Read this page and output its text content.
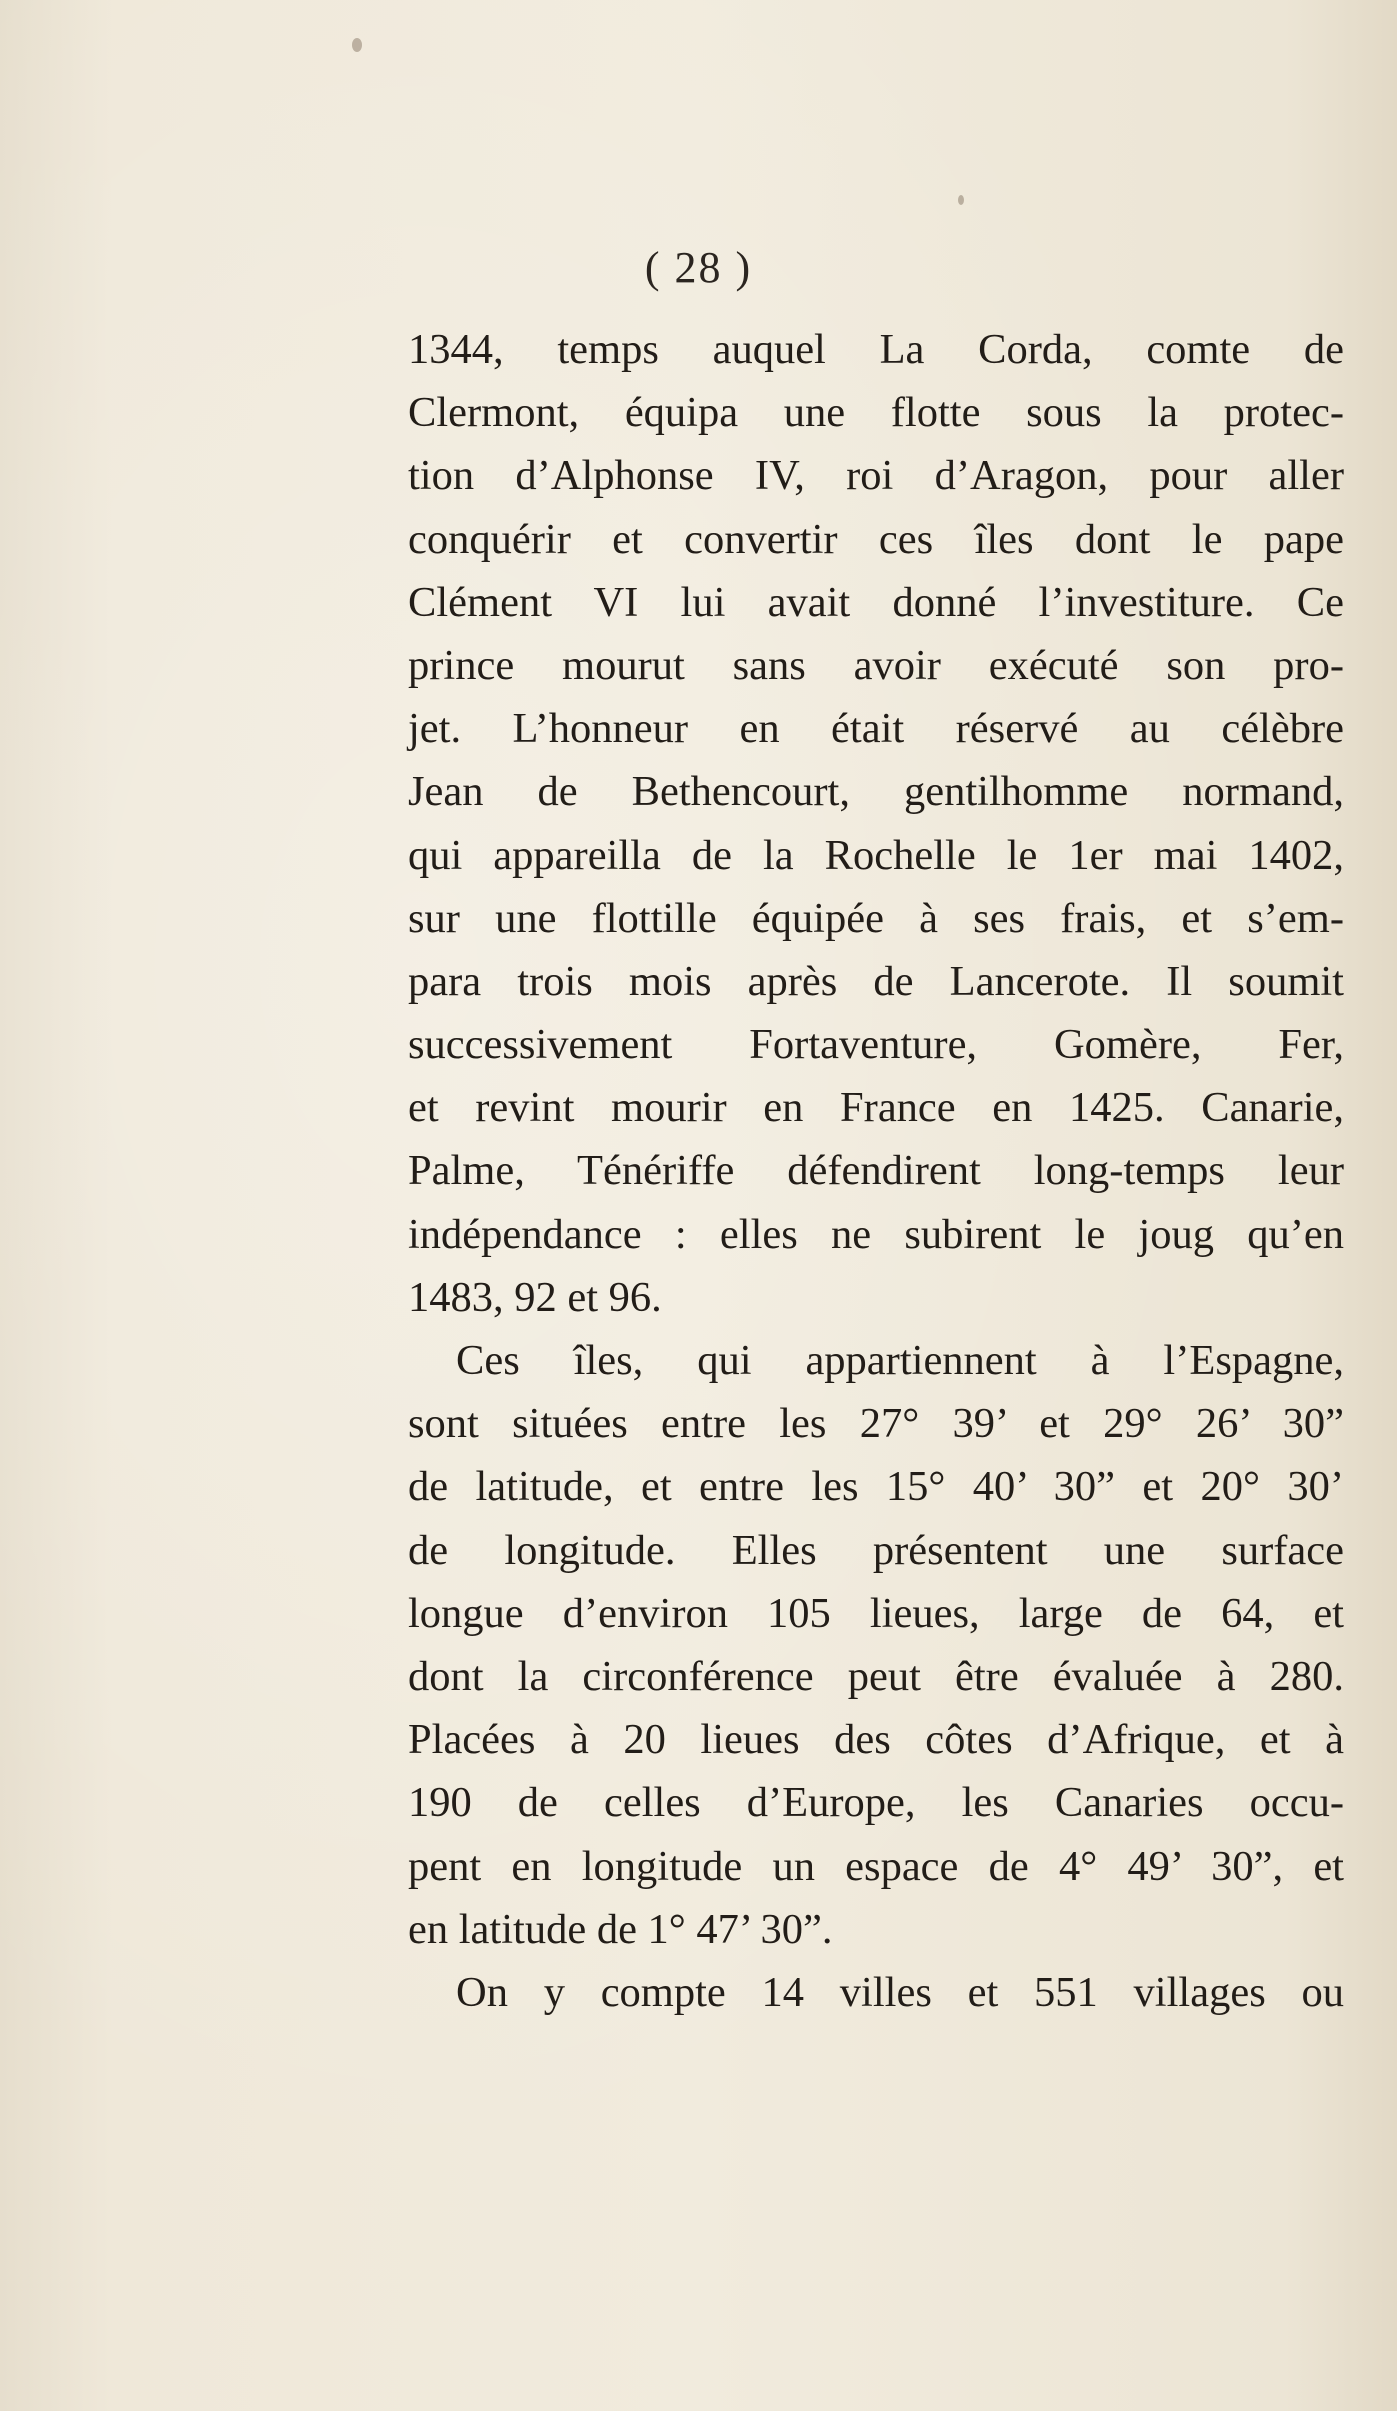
( 28 )
1344, temps auquel La Corda, comte de
Clermont, équipa une flotte sous la protec-
tion d’Alphonse IV, roi d’Aragon, pour aller
conquérir et convertir ces îles dont le pape
Clément VI lui avait donné l’investiture. Ce
prince mourut sans avoir exécuté son pro-
jet. L’honneur en était réservé au célèbre
Jean de Bethencourt, gentilhomme normand,
qui appareilla de la Rochelle le 1er mai 1402,
sur une flottille équipée à ses frais, et s’em-
para trois mois après de Lancerote. Il soumit
successivement Fortaventure, Gomère, Fer,
et revint mourir en France en 1425. Canarie,
Palme, Ténériffe défendirent long-temps leur
indépendance : elles ne subirent le joug qu’en
1483, 92 et 96.
Ces îles, qui appartiennent à l’Espagne,
sont situées entre les 27° 39’ et 29° 26’ 30”
de latitude, et entre les 15° 40’ 30” et 20° 30’
de longitude. Elles présentent une surface
longue d’environ 105 lieues, large de 64, et
dont la circonférence peut être évaluée à 280.
Placées à 20 lieues des côtes d’Afrique, et à
190 de celles d’Europe, les Canaries occu-
pent en longitude un espace de 4° 49’ 30”, et
en latitude de 1° 47’ 30”.
On y compte 14 villes et 551 villages ou
